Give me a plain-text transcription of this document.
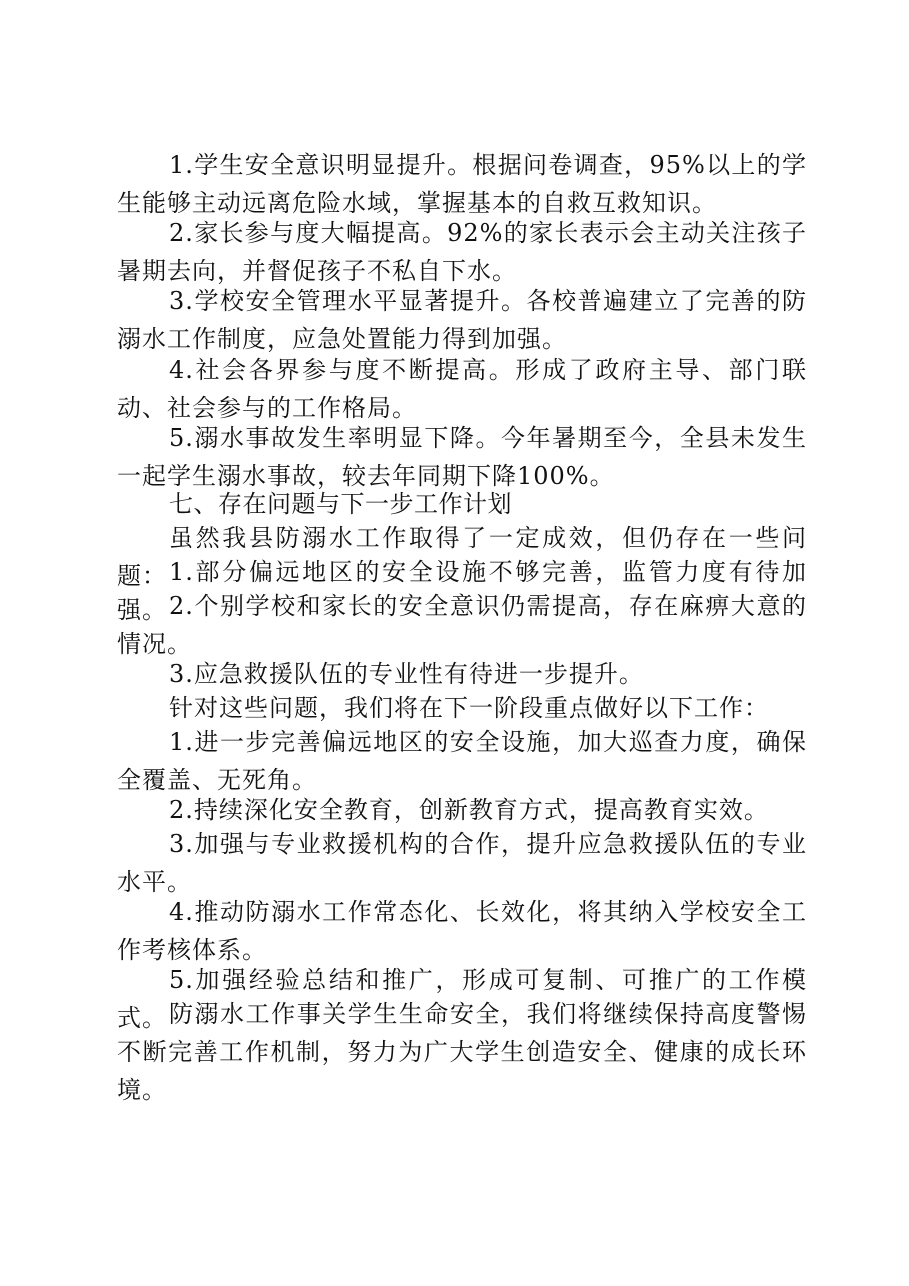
1.学生安全意识明显提升。根据问卷调查，95%以上的学生能够主动远离危险水域，掌握基本的自救互救知识。

2.家长参与度大幅提高。92%的家长表示会主动关注孩子暑期去向，并督促孩子不私自下水。

3.学校安全管理水平显著提升。各校普遍建立了完善的防溺水工作制度，应急处置能力得到加强。

4.社会各界参与度不断提高。形成了政府主导、部门联动、社会参与的工作格局。

5.溺水事故发生率明显下降。今年暑期至今，全县未发生一起学生溺水事故，较去年同期下降100%。

七、存在问题与下一步工作计划

虽然我县防溺水工作取得了一定成效，但仍存在一些问题： 1.部分偏远地区的安全设施不够完善，监管力度有待加强。 2.个别学校和家长的安全意识仍需提高，存在麻痹大意的情况。

3.应急救援队伍的专业性有待进一步提升。

针对这些问题，我们将在下一阶段重点做好以下工作：

1.进一步完善偏远地区的安全设施，加大巡查力度，确保全覆盖、无死角。

2.持续深化安全教育，创新教育方式，提高教育实效。

3.加强与专业救援机构的合作，提升应急救援队伍的专业水平。

4.推动防溺水工作常态化、长效化，将其纳入学校安全工作考核体系。

5.加强经验总结和推广，形成可复制、可推广的工作模式。 防溺水工作事关学生生命安全，我们将继续保持高度警惕不断完善工作机制，努力为广大学生创造安全、健康的成长环境。
